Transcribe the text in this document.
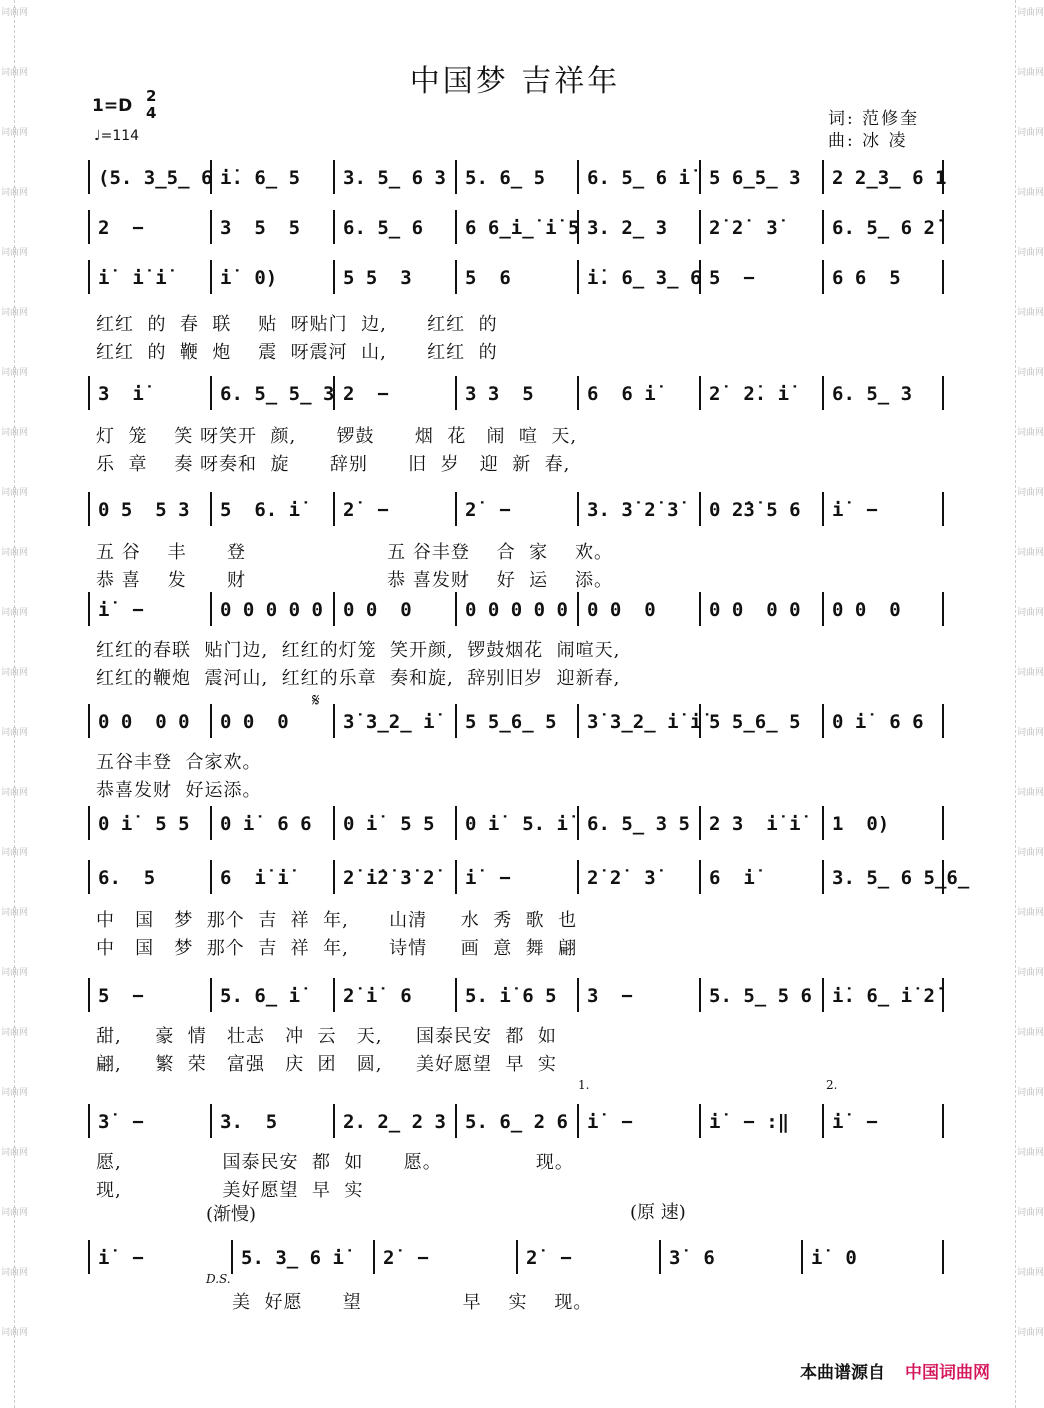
词曲网	词曲网
词曲网	词曲网
词曲网	词曲网
词曲网	词曲网
词曲网	词曲网
词曲网	词曲网
词曲网	词曲网
词曲网	词曲网
词曲网	词曲网
词曲网	词曲网
词曲网	词曲网
词曲网	词曲网
词曲网	词曲网
词曲网	词曲网
词曲网	词曲网
词曲网	词曲网
词曲网	词曲网
词曲网	词曲网
词曲网	词曲网
词曲网	词曲网
词曲网	词曲网
词曲网	词曲网
词曲网	词曲网
中国梦 吉祥年
1=D 2
4
♩=114
词: 范修奎
曲: 冰 凌
(5. 3̲5̲ 6 i̇. 6̲ 5 3. 5̲ 6 3 5. 6̲ 5 6. 5̲ 6 i̇ 5 6̲5̲ 3 2 2̲3̲ 6 1
2  −	3  5  5 6. 5̲ 6 6 6̲i̲̇ i̇ 5 3. 2̲ 3 2̇ 2̇  3̇	6. 5̲ 6 2̇
i̇  i̇ i̇	i̇  0)	5 5  3	5  6	i̇. 6̲ 3̲ 6 5  −	6 6  5
红红  的  春  联    贴  呀贴门  边,      红红  的
红红  的  鞭  炮    震  呀震河  山,      红红  的
3  i̇	6. 5̲ 5̲ 3 2  −	3 3  5	6  6 i̇	2̇  2̇. i̇ 6. 5̲ 3
灯  笼    笑 呀笑开  颜,      锣鼓      烟  花   闹  喧  天,
乐  章    奏 呀奏和  旋      辞别      旧  岁   迎  新  春,
0 5  5 3 5  6. i̇ 2̇  −	2̇  −	3. 3̇ 2̇ 3̇ 0 2̇3̇ 5 6 i̇  −
五 谷    丰      登                     五 谷丰登    合  家    欢。
恭 喜    发      财                     恭 喜发财    好  运    添。
i̇  −	0 0 0 0 0 0 0  0	0 0 0 0 0 0 0  0	0 0  0 0 0 0  0
红红的春联  贴门边,  红红的灯笼  笑开颜,  锣鼓烟花  闹喧天,
红红的鞭炮  震河山,  红红的乐章  奏和旋,  辞别旧岁  迎新春,
0 0  0 0 0 0  0	3̇ 3̲2̲ i̇ 5 5̲6̲ 5 3̇ 3̲2̲ i̇ i̇ 5 5̲6̲ 5 0 i̇  6 6
五谷丰登  合家欢。
恭喜发财  好运添。
0 i̇  5 5 0 i̇  6 6 0 i̇  5 5 0 i̇  5. i̇ 6. 5̲ 3 5 2 3  i̇ i̇ 1  0)
6.  5	6  i̇ i̇	2̇ i̇2̇ 3̇ 2̇ i̇  −	2̇ 2̇  3̇	6  i̇	3. 5̲ 6 5̲6̲
中   国   梦  那个  吉  祥  年,      山清     水  秀  歌  也
中   国   梦  那个  吉  祥  年,      诗情     画  意  舞  翩
5  −	5. 6̲ i̇ 2̇ i̇  6	5. i̇ 6 5 3  −	5. 5̲ 5 6 i̇. 6̲ i̇ 2̇
甜,     豪  情   壮志   冲  云   天,     国泰民安  都  如
翩,     繁  荣   富强   庆  团   圆,     美好愿望  早  实
3̇  −	3.  5	2. 2̲ 2 3 5. 6̲ 2 6 i̇  −	i̇  − :‖ i̇  −
愿,               国泰民安  都  如      愿。              现。
现,               美好愿望  早  实
i̇  −	5. 3̲ 6 i̇ 2̇  −	2̇  −	3̇  6	i̇  0
美  好愿      望               早    实    现。
(渐慢)	(原 速)
D.S.
𝄋
1.	2.
本曲谱源自 中国词曲网
